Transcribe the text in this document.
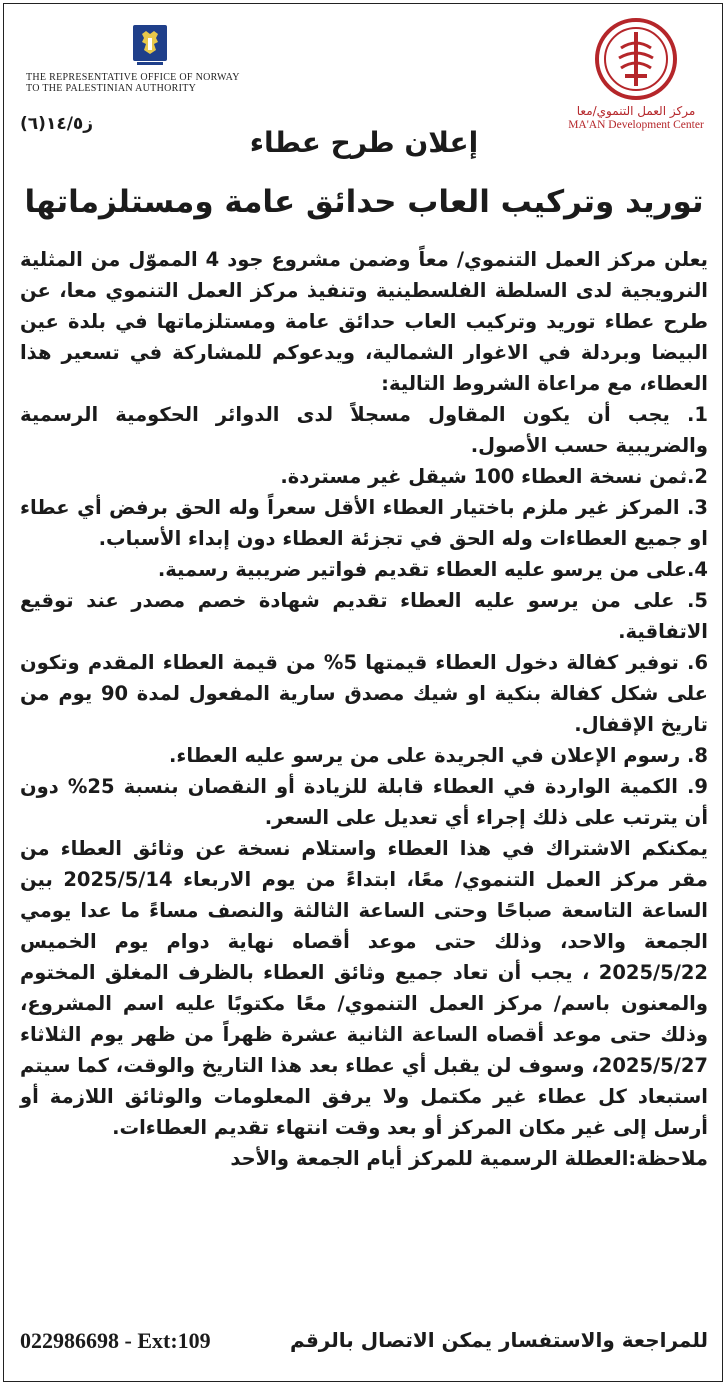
THE REPRESENTATIVE OFFICE OF NORWAY
TO THE PALESTINIAN AUTHORITY
مركز العمل التنموي/معا
MA'AN Development Center
ز١٤/٥(٦)
إعلان طرح عطاء
توريد وتركيب العاب حدائق عامة ومستلزماتها

يعلن مركز العمل التنموي/ معاً وضمن مشروع جود 4 المموّل من المثلية النرويجية لدى السلطة الفلسطينية وتنفيذ مركز العمل التنموي معا، عن طرح عطاء توريد وتركيب العاب حدائق عامة ومستلزماتها في بلدة عين البيضا وبردلة في الاغوار الشمالية، ويدعوكم للمشاركة في تسعير هذا العطاء، مع مراعاة الشروط التالية:

1. يجب أن يكون المقاول مسجلاً لدى الدوائر الحكومية الرسمية والضريبية حسب الأصول.
2.ثمن نسخة العطاء 100 شيقل غير مستردة.
3. المركز غير ملزم باختيار العطاء الأقل سعراً وله الحق برفض أي عطاء او جميع العطاءات وله الحق في تجزئة العطاء دون إبداء الأسباب.
4.على من يرسو عليه العطاء تقديم فواتير ضريبية رسمية.
5. على من يرسو عليه العطاء تقديم شهادة خصم مصدر عند توقيع الاتفاقية.
6. توفير كفالة دخول العطاء قيمتها 5% من قيمة العطاء المقدم وتكون على شكل كفالة بنكية او شيك مصدق سارية المفعول لمدة 90 يوم من تاريخ الإقفال.
8. رسوم الإعلان في الجريدة على من يرسو عليه العطاء.
9. الكمية الواردة في العطاء قابلة للزيادة أو النقصان بنسبة 25% دون أن يترتب على ذلك إجراء أي تعديل على السعر.

يمكنكم الاشتراك في هذا العطاء واستلام نسخة عن وثائق العطاء من مقر مركز العمل التنموي/ معًا، ابتداءً من يوم الاربعاء 2025/5/14 بين الساعة التاسعة صباحًا وحتى الساعة الثالثة والنصف مساءً ما عدا يومي الجمعة والاحد، وذلك حتى موعد أقصاه نهاية دوام يوم الخميس 2025/5/22 ، يجب أن تعاد جميع وثائق العطاء بالظرف المغلق المختوم والمعنون باسم/ مركز العمل التنموي/ معًا مكتوبًا عليه اسم المشروع، وذلك حتى موعد أقصاه الساعة الثانية عشرة ظهراً من ظهر يوم الثلاثاء 2025/5/27، وسوف لن يقبل أي عطاء بعد هذا التاريخ والوقت، كما سيتم استبعاد كل عطاء غير مكتمل ولا يرفق المعلومات والوثائق اللازمة أو أرسل إلى غير مكان المركز أو بعد وقت انتهاء تقديم العطاءات.

ملاحظة:العطلة الرسمية للمركز أيام الجمعة والأحد

للمراجعة والاستفسار يمكن الاتصال بالرقم
022986698 - Ext:109
